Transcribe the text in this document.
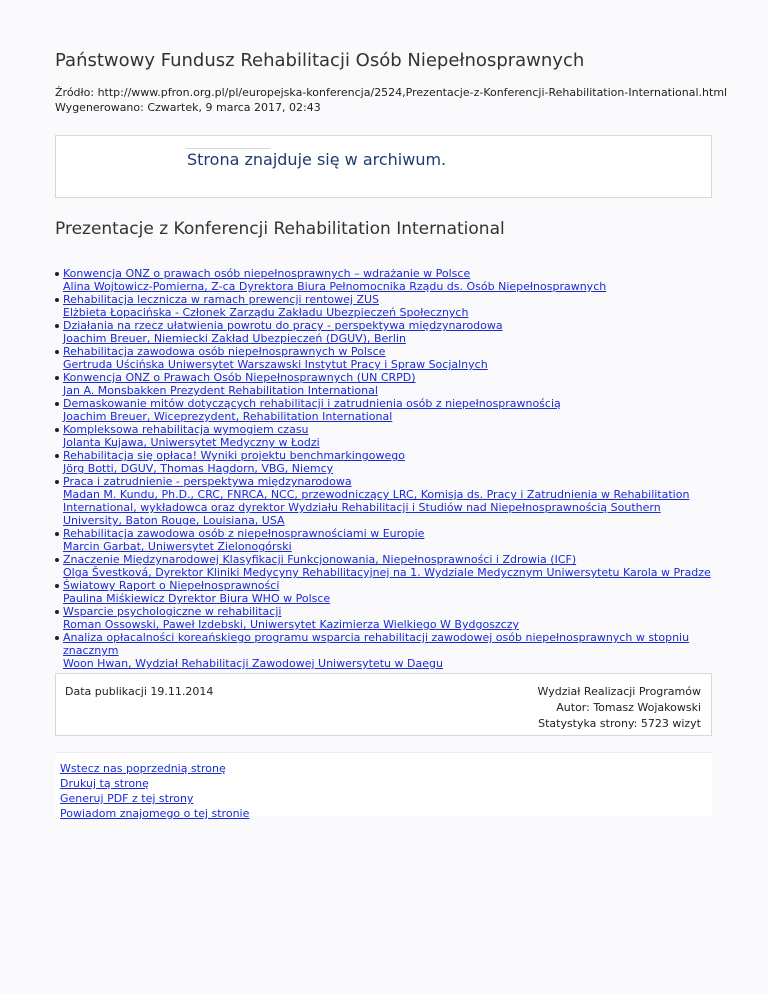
Państwowy Fundusz Rehabilitacji Osób Niepełnosprawnych
Źródło: http://www.pfron.org.pl/pl/europejska-konferencja/2524,Prezentacje-z-Konferencji-Rehabilitation-International.html
Wygenerowano: Czwartek, 9 marca 2017, 02:43
Strona znajduje się w archiwum.
Prezentacje z Konferencji Rehabilitation International
Konwencja ONZ o prawach osób niepełnosprawnych – wdrażanie w Polsce
Alina Wojtowicz-Pomierna, Z-ca Dyrektora Biura Pełnomocnika Rządu ds. Osób Niepełnosprawnych
Rehabilitacja lecznicza w ramach prewencji rentowej ZUS
Elżbieta Łopacińska - Członek Zarządu Zakładu Ubezpieczeń Społecznych
Działania na rzecz ułatwienia powrotu do pracy - perspektywa międzynarodowa
Joachim Breuer, Niemiecki Zakład Ubezpieczeń (DGUV), Berlin
Rehabilitacja zawodowa osób niepełnosprawnych w Polsce
Gertruda Uścińska Uniwersytet Warszawski Instytut Pracy i Spraw Socjalnych
Konwencja ONZ o Prawach Osób Niepełnosprawnych (UN CRPD)
Jan A. Monsbakken Prezydent Rehabilitation International
Demaskowanie mitów dotyczących rehabilitacji i zatrudnienia osób z niepełnosprawnością
Joachim Breuer, Wiceprezydent, Rehabilitation International
Kompleksowa rehabilitacja wymogiem czasu
Jolanta Kujawa, Uniwersytet Medyczny w Łodzi
Rehabilitacja się opłaca! Wyniki projektu benchmarkingowego
Jörg Botti, DGUV, Thomas Hagdorn, VBG, Niemcy
Praca i zatrudnienie - perspektywa międzynarodowa
Madan M. Kundu, Ph.D., CRC, FNRCA, NCC, przewodniczący LRC, Komisja ds. Pracy i Zatrudnienia w Rehabilitation International, wykładowca oraz dyrektor Wydziału Rehabilitacji i Studiów nad Niepełnosprawnością Southern University, Baton Rouge, Louisiana, USA
Rehabilitacja zawodowa osób z niepełnosprawnościami w Europie
Marcin Garbat, Uniwersytet Zielonogórski
Znaczenie Międzynarodowej Klasyfikacji Funkcjonowania, Niepełnosprawności i Zdrowia (ICF)
Olga Švestková, Dyrektor Kliniki Medycyny Rehabilitacyjnej na 1. Wydziale Medycznym Uniwersytetu Karola w Pradze
Światowy Raport o Niepełnosprawności
Paulina Miśkiewicz Dyrektor Biura WHO w Polsce
Wsparcie psychologiczne w rehabilitacji
Roman Ossowski, Paweł Izdebski, Uniwersytet Kazimierza Wielkiego W Bydgoszczy
Analiza opłacalności koreańskiego programu wsparcia rehabilitacji zawodowej osób niepełnosprawnych w stopniu znacznym
Woon Hwan, Wydział Rehabilitacji Zawodowej Uniwersytetu w Daegu
Data publikacji 19.11.2014	Wydział Realizacji Programów
Autor: Tomasz Wojakowski
Statystyka strony: 5723 wizyt
Wstecz nas poprzednią stronę
Drukuj tą stronę
Generuj PDF z tej strony
Powiadom znajomego o tej stronie
